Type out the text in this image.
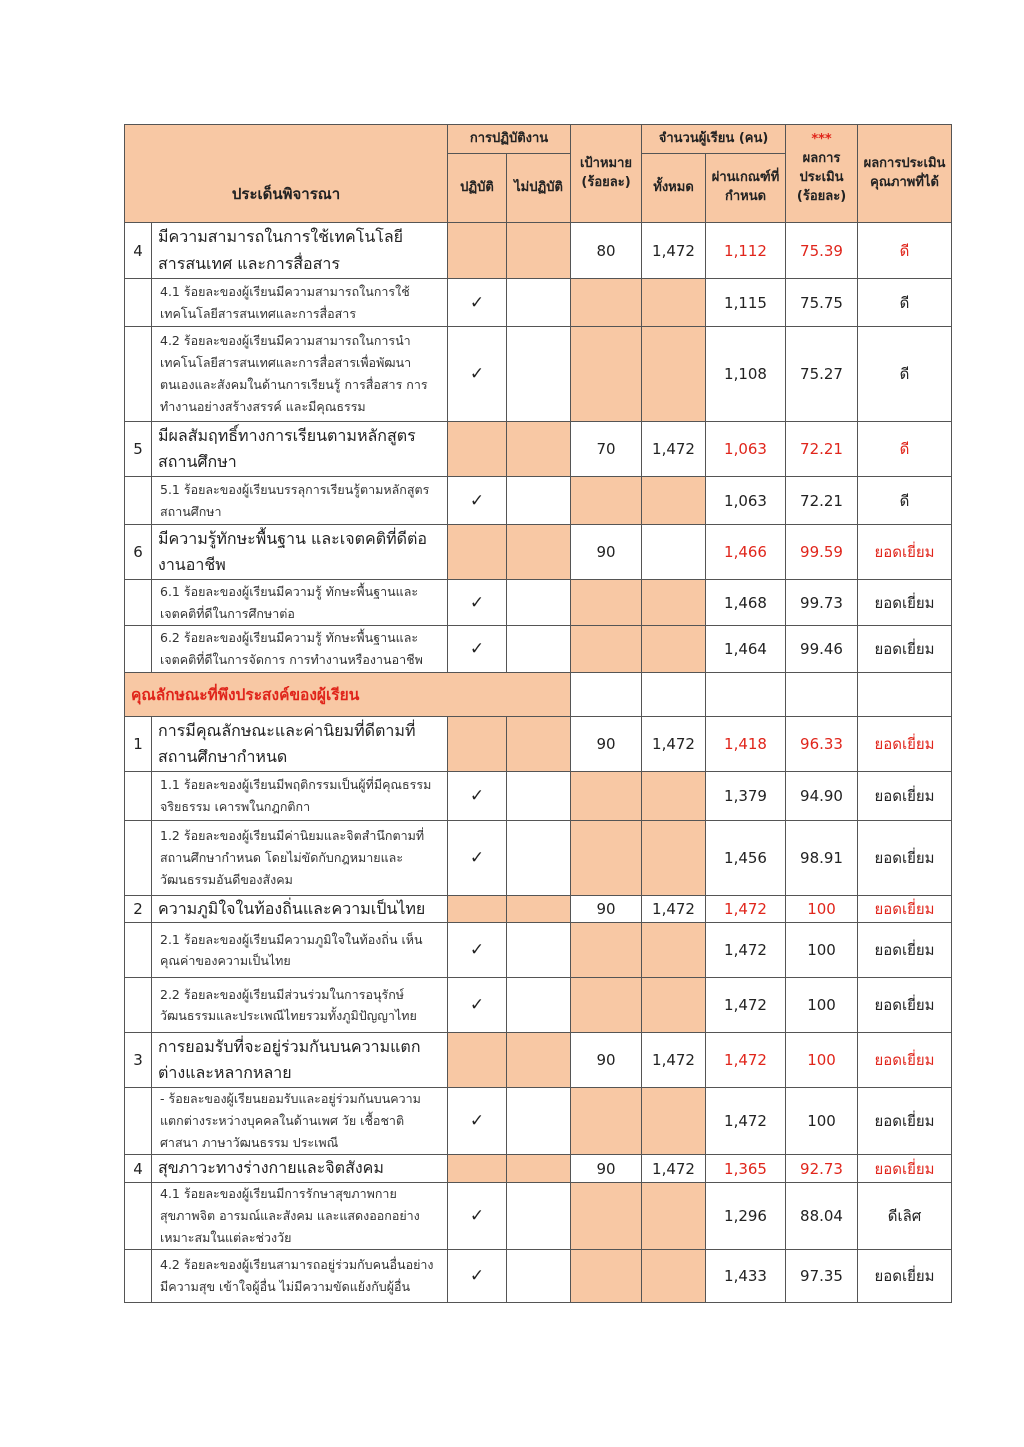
ประเด็นพิจารณา		การปฏิบัติงาน		เป้าหมาย (ร้อยละ)	จำนวนผู้เรียน (คน)		***
ผลการประเมิน (ร้อยละ)	ผลการประเมินคุณภาพที่ได้
		ปฏิบัติ	ไม่ปฏิบัติ		ทั้งหมด	ผ่านเกณฑ์ที่กำหนด		
4	มีความสามารถในการใช้เทคโนโลยีสารสนเทศ และการสื่อสาร			80	1,472	1,112	75.39	ดี
	4.1 ร้อยละของผู้เรียนมีความสามารถในการใช้เทคโนโลยีสารสนเทศและการสื่อสาร	✓				1,115	75.75	ดี
	4.2 ร้อยละของผู้เรียนมีความสามารถในการนำเทคโนโลยีสารสนเทศและการสื่อสารเพื่อพัฒนาตนเองและสังคมในด้านการเรียนรู้ การสื่อสาร การทำงานอย่างสร้างสรรค์ และมีคุณธรรม	✓				1,108	75.27	ดี
5	มีผลสัมฤทธิ์ทางการเรียนตามหลักสูตรสถานศึกษา			70	1,472	1,063	72.21	ดี
	5.1 ร้อยละของผู้เรียนบรรลุการเรียนรู้ตามหลักสูตรสถานศึกษา	✓				1,063	72.21	ดี
6	มีความรู้ทักษะพื้นฐาน และเจตคติที่ดีต่องานอาชีพ			90		1,466	99.59	ยอดเยี่ยม
	6.1 ร้อยละของผู้เรียนมีความรู้ ทักษะพื้นฐานและเจตคติที่ดีในการศึกษาต่อ	✓				1,468	99.73	ยอดเยี่ยม
	6.2 ร้อยละของผู้เรียนมีความรู้ ทักษะพื้นฐานและเจตคติที่ดีในการจัดการ การทำงานหรืองานอาชีพ	✓				1,464	99.46	ยอดเยี่ยม
คุณลักษณะที่พึงประสงค์ของผู้เรียน								
1	การมีคุณลักษณะและค่านิยมที่ดีตามที่สถานศึกษากำหนด			90	1,472	1,418	96.33	ยอดเยี่ยม
	1.1 ร้อยละของผู้เรียนมีพฤติกรรมเป็นผู้ที่มีคุณธรรม จริยธรรม เคารพในกฎกติกา	✓				1,379	94.90	ยอดเยี่ยม
	1.2 ร้อยละของผู้เรียนมีค่านิยมและจิตสำนึกตามที่สถานศึกษากำหนด โดยไม่ขัดกับกฎหมายและวัฒนธรรมอันดีของสังคม	✓				1,456	98.91	ยอดเยี่ยม
2	ความภูมิใจในท้องถิ่นและความเป็นไทย			90	1,472	1,472	100	ยอดเยี่ยม
	2.1 ร้อยละของผู้เรียนมีความภูมิใจในท้องถิ่น เห็นคุณค่าของความเป็นไทย	✓				1,472	100	ยอดเยี่ยม
	2.2 ร้อยละของผู้เรียนมีส่วนร่วมในการอนุรักษ์วัฒนธรรมและประเพณีไทยรวมทั้งภูมิปัญญาไทย	✓				1,472	100	ยอดเยี่ยม
3	การยอมรับที่จะอยู่ร่วมกันบนความแตกต่างและหลากหลาย			90	1,472	1,472	100	ยอดเยี่ยม
	- ร้อยละของผู้เรียนยอมรับและอยู่ร่วมกันบนความแตกต่างระหว่างบุคคลในด้านเพศ วัย เชื้อชาติ ศาสนา ภาษาวัฒนธรรม ประเพณี	✓				1,472	100	ยอดเยี่ยม
4	สุขภาวะทางร่างกายและจิตสังคม			90	1,472	1,365	92.73	ยอดเยี่ยม
	4.1 ร้อยละของผู้เรียนมีการรักษาสุขภาพกาย สุขภาพจิต อารมณ์และสังคม และแสดงออกอย่างเหมาะสมในแต่ละช่วงวัย	✓				1,296	88.04	ดีเลิศ
	4.2 ร้อยละของผู้เรียนสามารถอยู่ร่วมกับคนอื่นอย่างมีความสุข เข้าใจผู้อื่น ไม่มีความขัดแย้งกับผู้อื่น	✓				1,433	97.35	ยอดเยี่ยม
